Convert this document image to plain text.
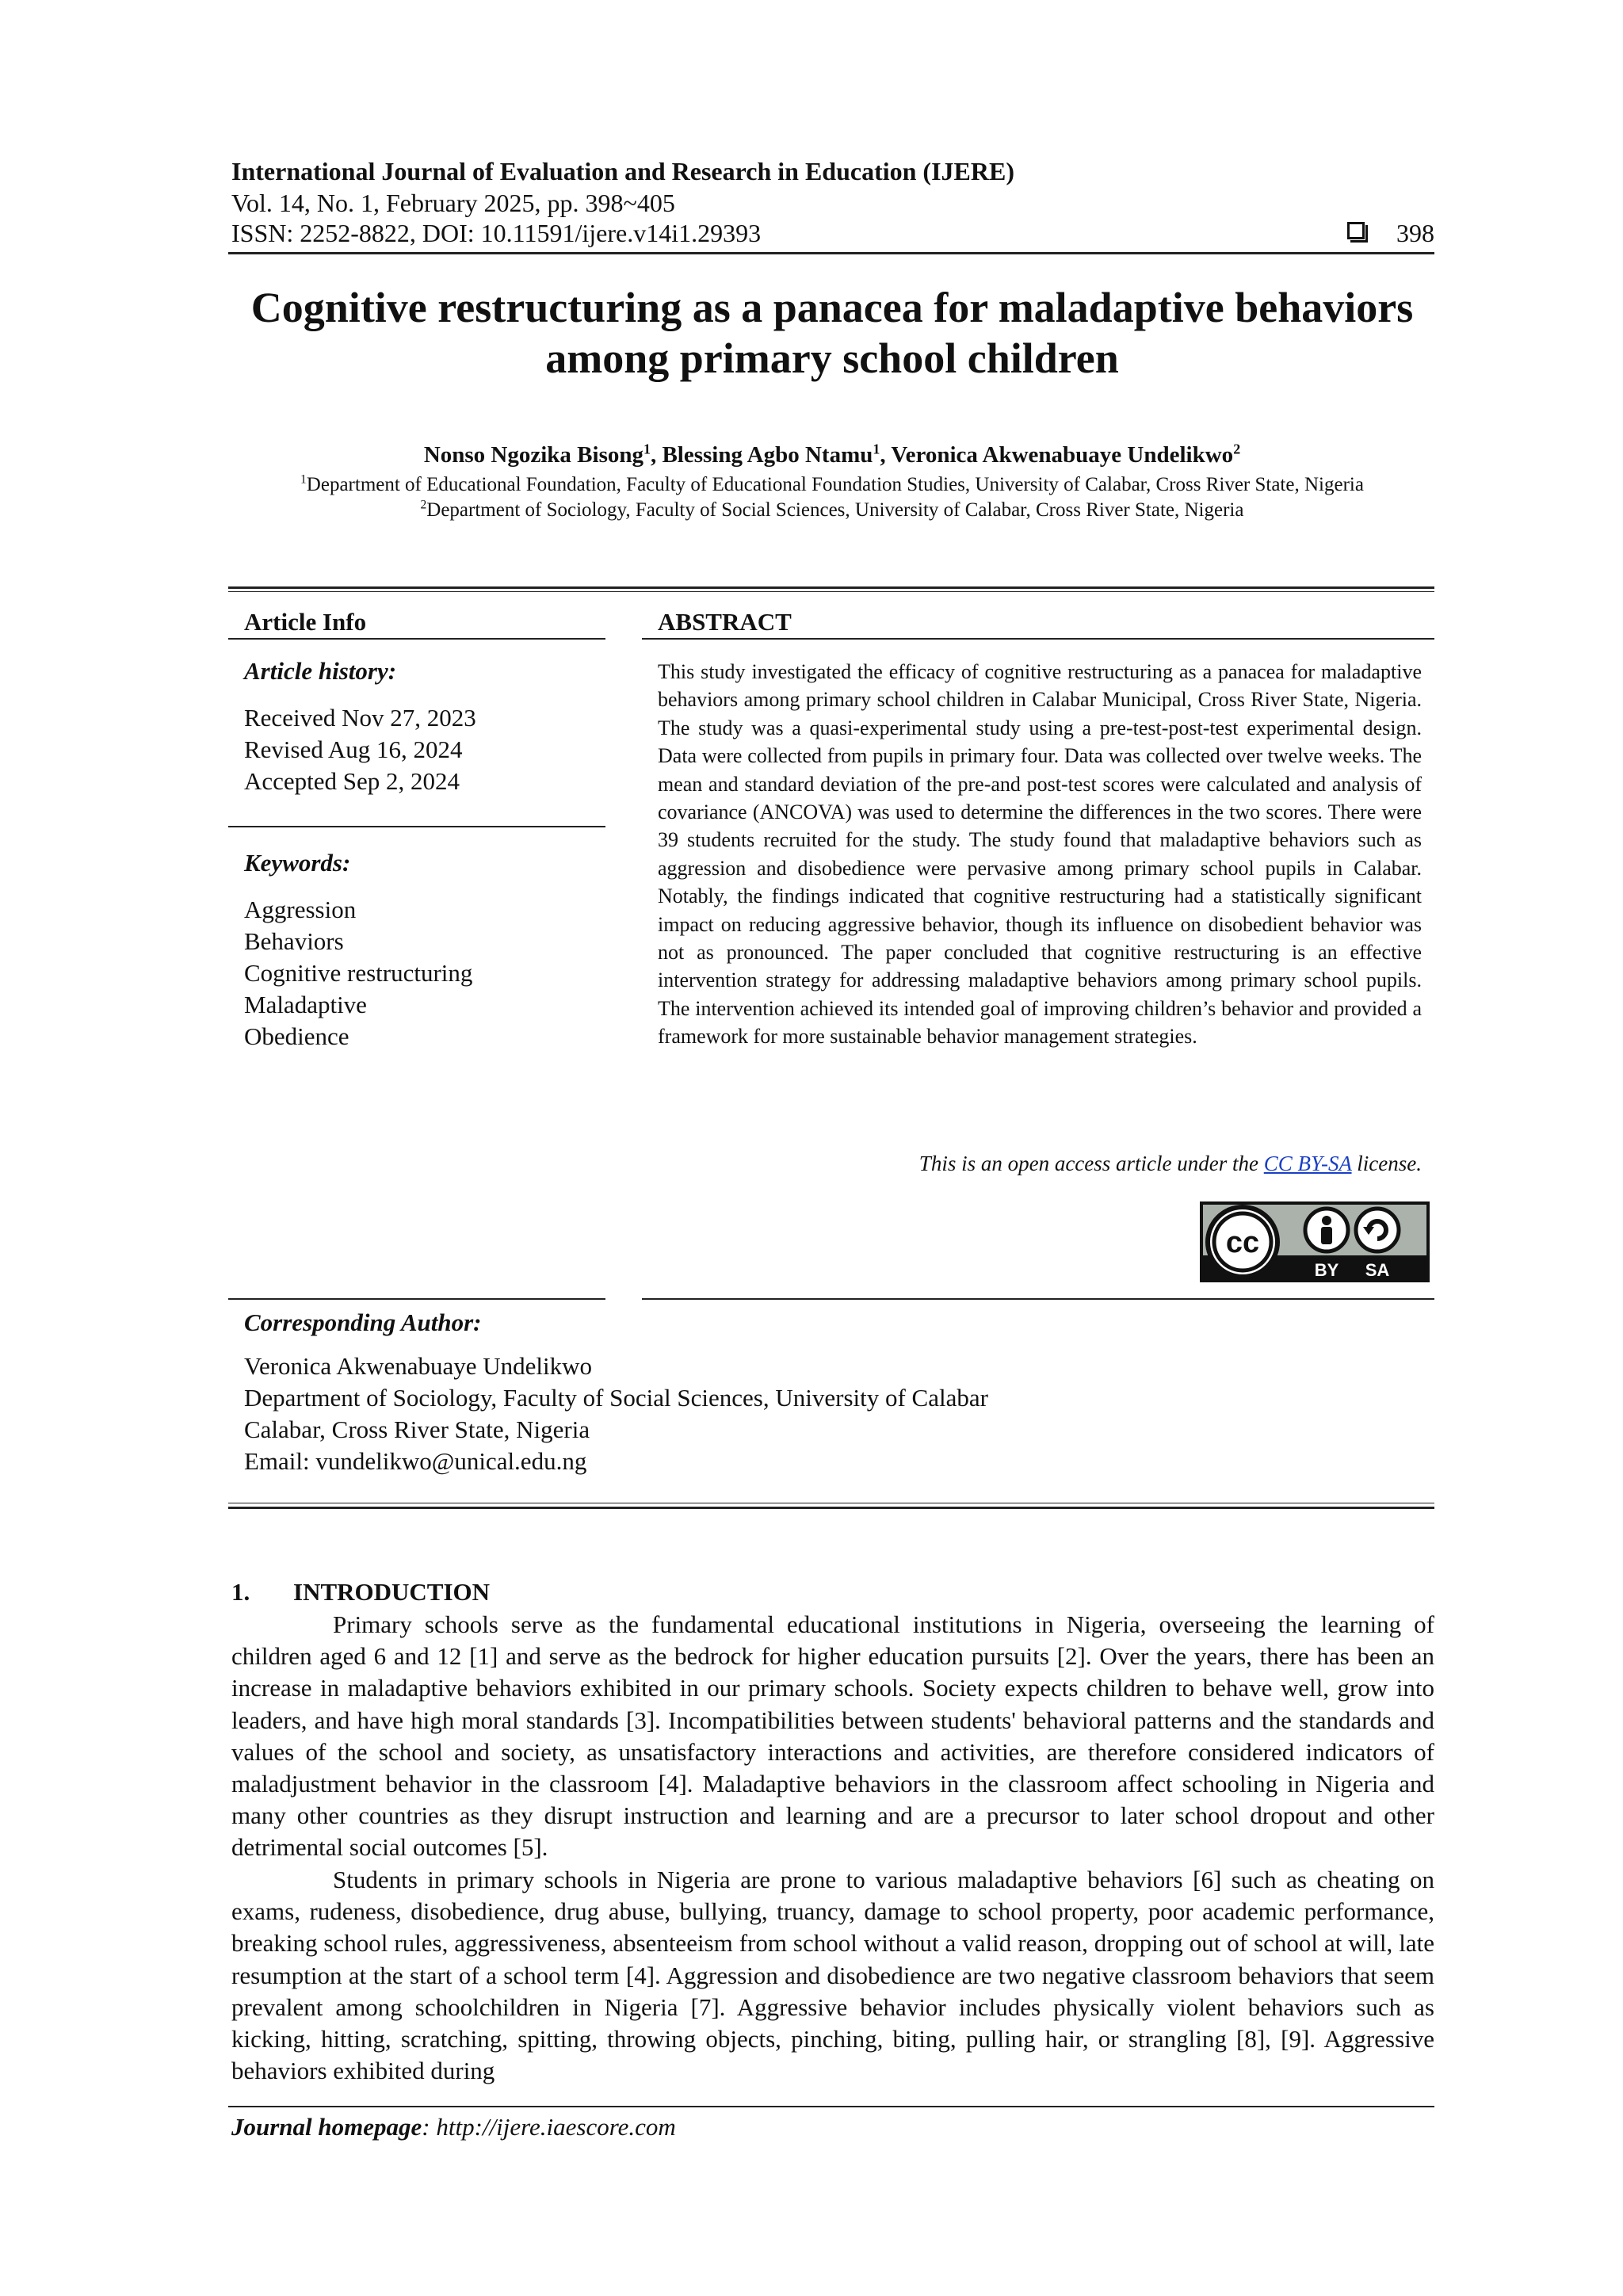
International Journal of Evaluation and Research in Education (IJERE)
Vol. 14, No. 1, February 2025, pp. 398~405
ISSN: 2252-8822, DOI: 10.11591/ijere.v14i1.29393	398
Cognitive restructuring as a panacea for maladaptive behaviors
among primary school children
Nonso Ngozika Bisong$^1$, Blessing Agbo Ntamu$^1$, Veronica Akwenabuaye Undelikwo$^2$
$^1$Department of Educational Foundation, Faculty of Educational Foundation Studies, University of Calabar, Cross River State, Nigeria
$^2$Department of Sociology, Faculty of Social Sciences, University of Calabar, Cross River State, Nigeria
Article Info	ABSTRACT
Article history:
Received Nov 27, 2023
Revised Aug 16, 2024
Accepted Sep 2, 2024
Keywords:
Aggression
Behaviors
Cognitive restructuring
Maladaptive
Obedience
This study investigated the efficacy of cognitive restructuring as a panacea for maladaptive behaviors among primary school children in Calabar Municipal, Cross River State, Nigeria. The study was a quasi-experimental study using a pre-test-post-test experimental design. Data were collected from pupils in primary four. Data was collected over twelve weeks. The mean and standard deviation of the pre-and post-test scores were calculated and analysis of covariance (ANCOVA) was used to determine the differences in the two scores. There were 39 students recruited for the study. The study found that maladaptive behaviors such as aggression and disobedience were pervasive among primary school pupils in Calabar. Notably, the findings indicated that cognitive restructuring had a statistically significant impact on reducing aggressive behavior, though its influence on disobedient behavior was not as pronounced. The paper concluded that cognitive restructuring is an effective intervention strategy for addressing maladaptive behaviors among primary school pupils. The intervention achieved its intended goal of improving children’s behavior and provided a framework for more sustainable behavior management strategies.
This is an open access article under the CC BY-SA license.
cc
BY SA
Corresponding Author:
Veronica Akwenabuaye Undelikwo
Department of Sociology, Faculty of Social Sciences, University of Calabar
Calabar, Cross River State, Nigeria
Email: vundelikwo@unical.edu.ng
1. INTRODUCTION
Primary schools serve as the fundamental educational institutions in Nigeria, overseeing the learning of children aged 6 and 12 [1] and serve as the bedrock for higher education pursuits [2]. Over the years, there has been an increase in maladaptive behaviors exhibited in our primary schools. Society expects children to behave well, grow into leaders, and have high moral standards [3]. Incompatibilities between students' behavioral patterns and the standards and values of the school and society, as unsatisfactory interactions and activities, are therefore considered indicators of maladjustment behavior in the classroom [4]. Maladaptive behaviors in the classroom affect schooling in Nigeria and many other countries as they disrupt instruction and learning and are a precursor to later school dropout and other detrimental social outcomes [5].
Students in primary schools in Nigeria are prone to various maladaptive behaviors [6] such as cheating on exams, rudeness, disobedience, drug abuse, bullying, truancy, damage to school property, poor academic performance, breaking school rules, aggressiveness, absenteeism from school without a valid reason, dropping out of school at will, late resumption at the start of a school term [4]. Aggression and disobedience are two negative classroom behaviors that seem prevalent among schoolchildren in Nigeria [7]. Aggressive behavior includes physically violent behaviors such as kicking, hitting, scratching, spitting, throwing objects, pinching, biting, pulling hair, or strangling [8], [9]. Aggressive behaviors exhibited during
Journal homepage: http://ijere.iaescore.com
